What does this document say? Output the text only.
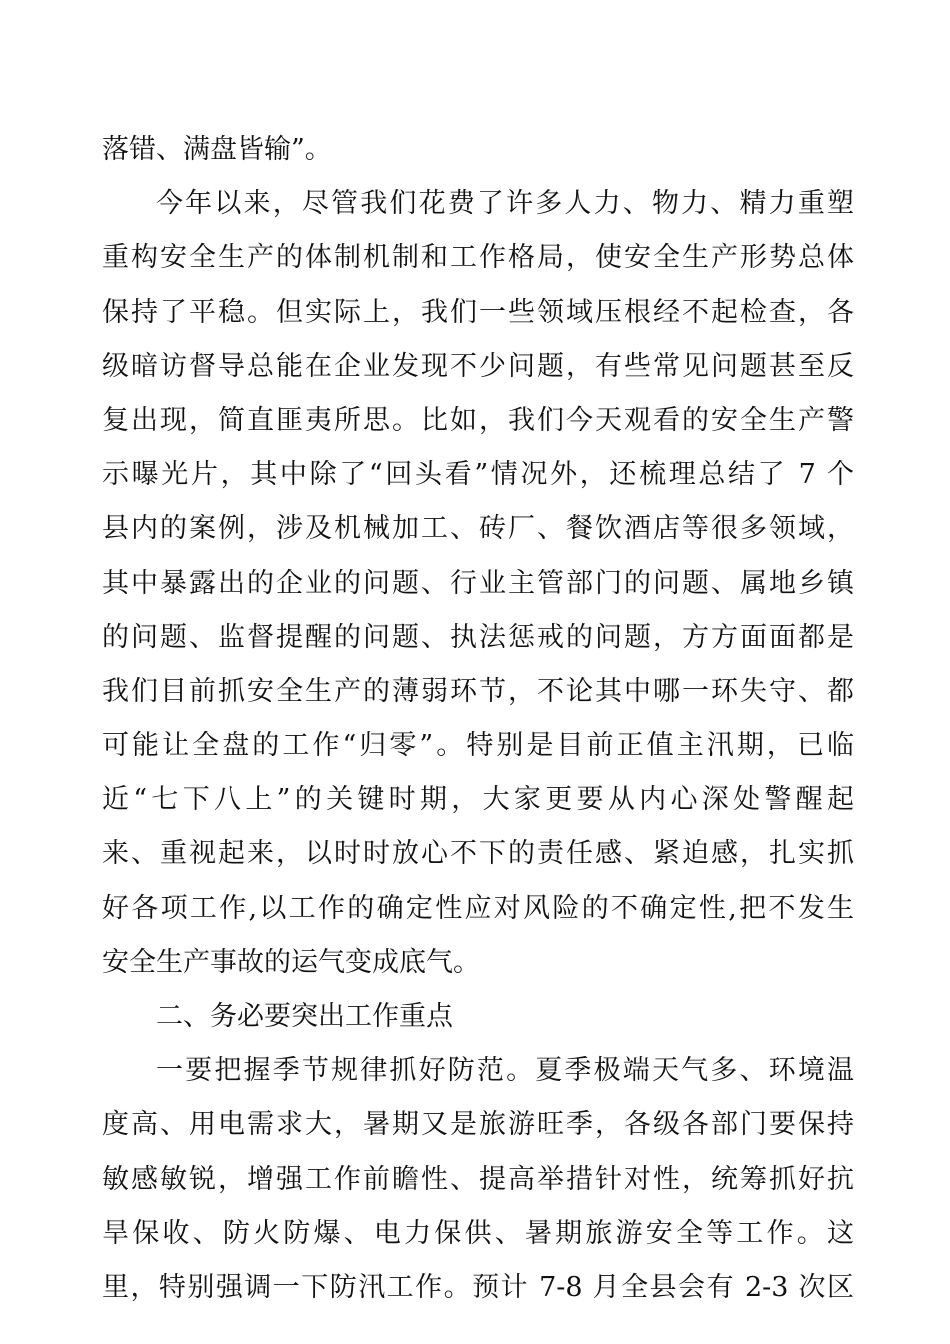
落错、满盘皆输”。
今年以来，尽管我们花费了许多人力、物力、精力重塑
重构安全生产的体制机制和工作格局，使安全生产形势总体
保持了平稳。但实际上，我们一些领域压根经不起检查，各
级暗访督导总能在企业发现不少问题，有些常见问题甚至反
复出现，简直匪夷所思。比如，我们今天观看的安全生产警
示曝光片，其中除了“回头看”情况外，还梳理总结了 7 个
县内的案例，涉及机械加工、砖厂、餐饮酒店等很多领域，
其中暴露出的企业的问题、行业主管部门的问题、属地乡镇
的问题、监督提醒的问题、执法惩戒的问题，方方面面都是
我们目前抓安全生产的薄弱环节，不论其中哪一环失守、都
可能让全盘的工作“归零”。特别是目前正值主汛期，已临
近“七下八上”的关键时期，大家更要从内心深处警醒起
来、重视起来，以时时放心不下的责任感、紧迫感，扎实抓
好各项工作,以工作的确定性应对风险的不确定性,把不发生
安全生产事故的运气变成底气。
二、务必要突出工作重点
一要把握季节规律抓好防范。夏季极端天气多、环境温
度高、用电需求大，暑期又是旅游旺季，各级各部门要保持
敏感敏锐，增强工作前瞻性、提高举措针对性，统筹抓好抗
旱保收、防火防爆、电力保供、暑期旅游安全等工作。这
里，特别强调一下防汛工作。预计 7-8 月全县会有 2-3 次区
